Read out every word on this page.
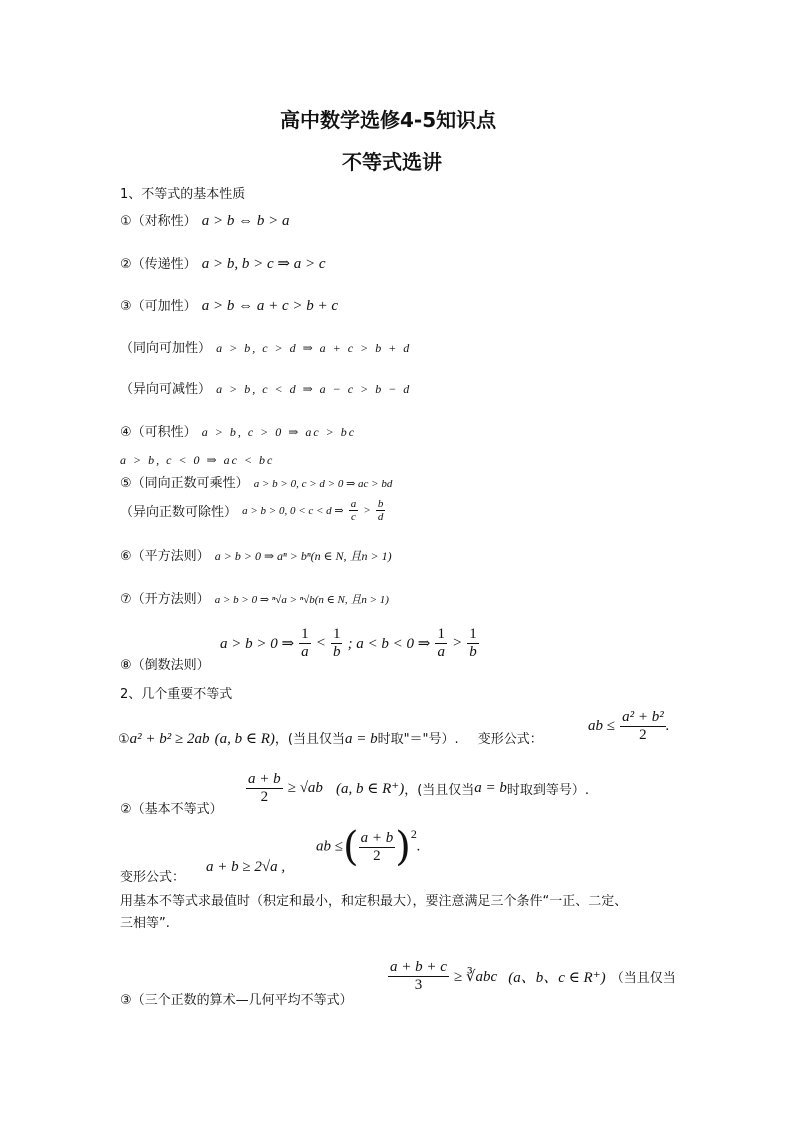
高中数学选修4-5知识点
不等式选讲
1、不等式的基本性质
①（对称性） a > b ⇔ b > a
②（传递性） a > b, b > c ⇒ a > c
③（可加性） a > b ⇔ a + c > b + c
（同向可加性） a > b, c > d ⇒ a + c > b + d
（异向可减性） a > b, c < d ⇒ a − c > b − d
④（可积性） a > b, c > 0 ⇒ ac > bc
a > b, c < 0 ⇒ ac < bc
⑤（同向正数可乘性） a > b > 0, c > d > 0 ⇒ ac > bd
（异向正数可除性） a > b > 0, 0 < c < d ⇒ $\frac{a}{c} > \frac{b}{d}$
⑥（平方法则） a > b > 0 ⇒ aⁿ > bⁿ(n ∈ N, 且n > 1)
⑦（开方法则） a > b > 0 ⇒ ⁿ√a > ⁿ√b(n ∈ N, 且n > 1)
⑧（倒数法则）
a > b > 0 ⇒ $\frac{1}{a} < \frac{1}{b}$ ; a < b < 0 ⇒ $\frac{1}{a} > \frac{1}{b}$
2、几个重要不等式
①a² + b² ≥ 2ab (a, b ∈ R)，(当且仅当a = b时取"＝"号）. 变形公式：
ab ≤ $\frac{\text{a² + b²}}{2}$ .
②（基本不等式）
$\frac{a + b}{2} \ge √ab$ (a, b ∈ R⁺)，(当且仅当a = b时取到等号）.
变形公式：
a + b ≥ 2√a ,
ab ≤( $\frac{a + b}{2} )^2$.
用基本不等式求最值时（积定和最小，和定积最大），要注意满足三个条件“一正、二定、
三相等”.
③（三个正数的算术—几何平均不等式）
$\frac{a + b + c}{3}$ ≥ ∛abc (a、b、c ∈ R⁺) （当且仅当
